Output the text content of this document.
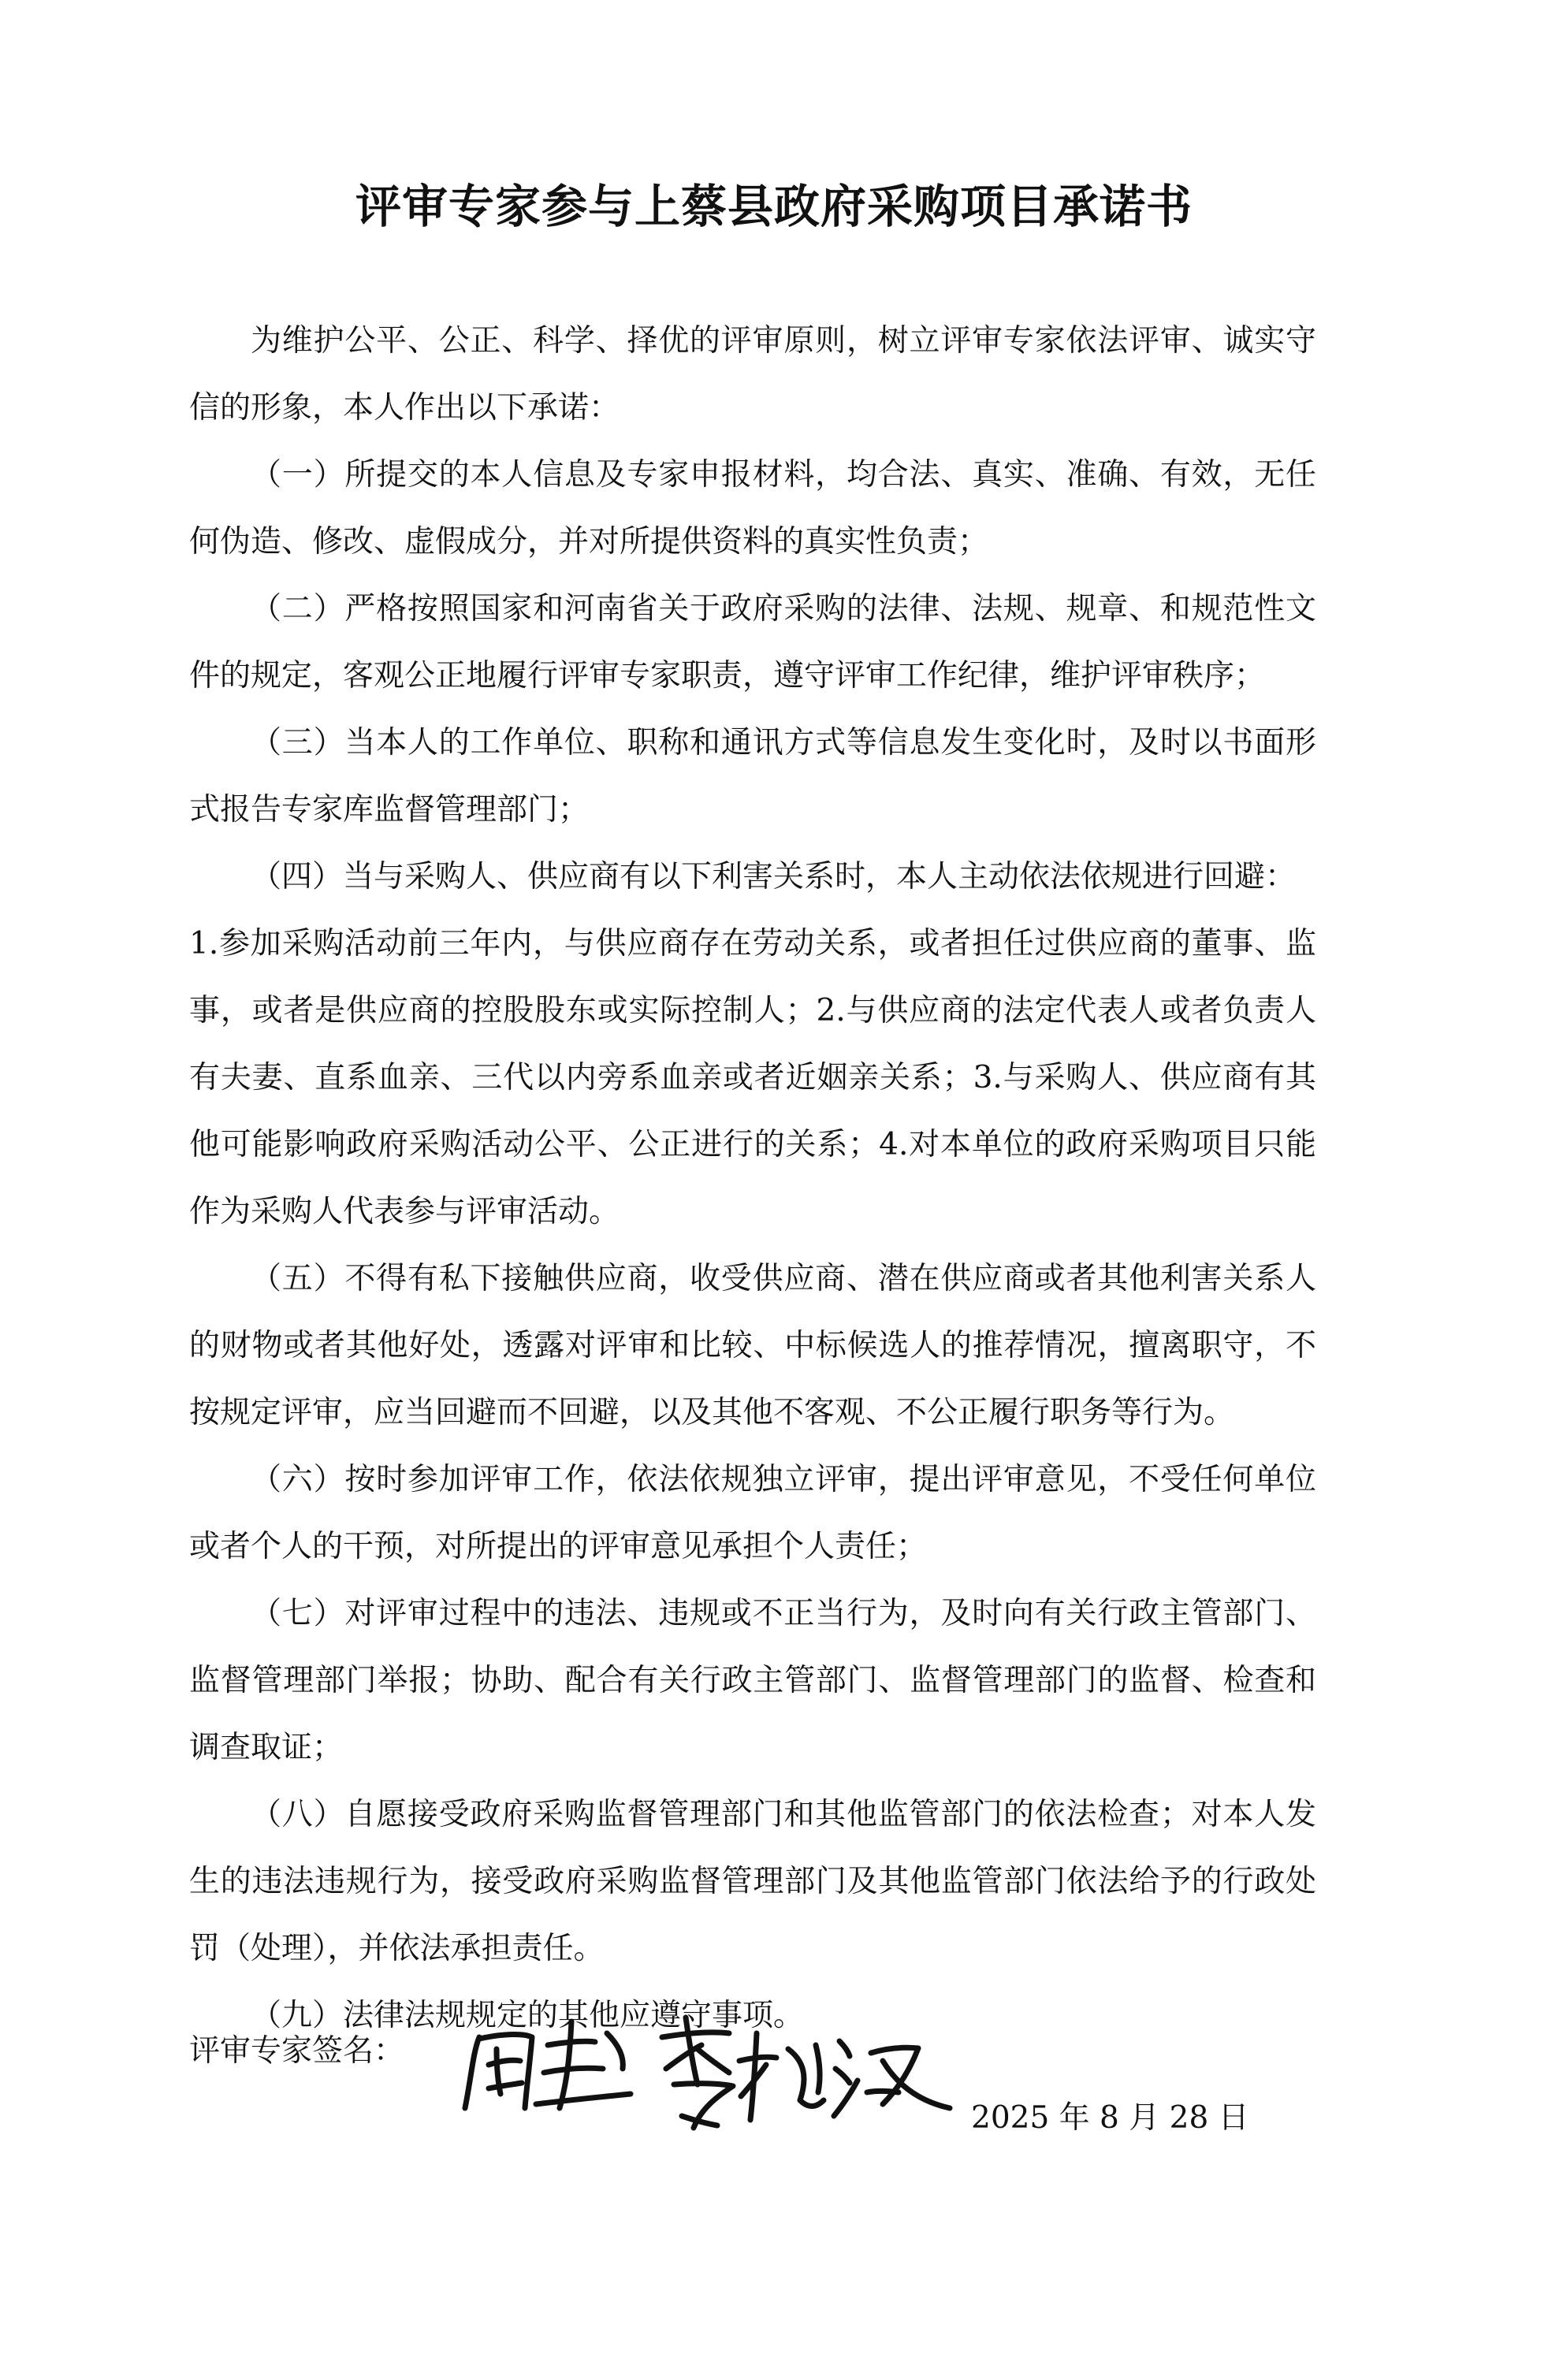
评审专家参与上蔡县政府采购项目承诺书

为维护公平、公正、科学、择优的评审原则，树立评审专家依法评审、诚实守信的形象，本人作出以下承诺：

（一）所提交的本人信息及专家申报材料，均合法、真实、准确、有效，无任何伪造、修改、虚假成分，并对所提供资料的真实性负责；

（二）严格按照国家和河南省关于政府采购的法律、法规、规章、和规范性文件的规定，客观公正地履行评审专家职责，遵守评审工作纪律，维护评审秩序；

（三）当本人的工作单位、职称和通讯方式等信息发生变化时，及时以书面形式报告专家库监督管理部门；

（四）当与采购人、供应商有以下利害关系时，本人主动依法依规进行回避：

1.参加采购活动前三年内，与供应商存在劳动关系，或者担任过供应商的董事、监事，或者是供应商的控股股东或实际控制人；2.与供应商的法定代表人或者负责人有夫妻、直系血亲、三代以内旁系血亲或者近姻亲关系；3.与采购人、供应商有其他可能影响政府采购活动公平、公正进行的关系；4.对本单位的政府采购项目只能作为采购人代表参与评审活动。

（五）不得有私下接触供应商，收受供应商、潜在供应商或者其他利害关系人的财物或者其他好处，透露对评审和比较、中标候选人的推荐情况，擅离职守，不按规定评审，应当回避而不回避，以及其他不客观、不公正履行职务等行为。

（六）按时参加评审工作，依法依规独立评审，提出评审意见，不受任何单位或者个人的干预，对所提出的评审意见承担个人责任；

（七）对评审过程中的违法、违规或不正当行为，及时向有关行政主管部门、监督管理部门举报；协助、配合有关行政主管部门、监督管理部门的监督、检查和调查取证；

（八）自愿接受政府采购监督管理部门和其他监管部门的依法检查；对本人发生的违法违规行为，接受政府采购监督管理部门及其他监管部门依法给予的行政处罚（处理），并依法承担责任。

（九）法律法规规定的其他应遵守事项。

评审专家签名：
2025 年 8 月 28 日
